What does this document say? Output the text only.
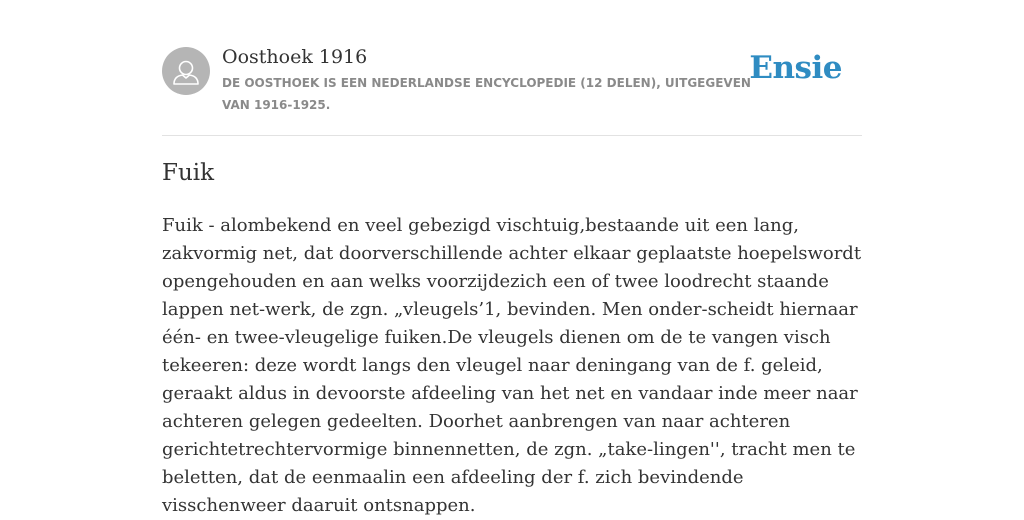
Oosthoek 1916

DE OOSTHOEK IS EEN NEDERLANDSE ENCYCLOPEDIE (12 DELEN), UITGEGEVEN VAN 1916-1925.

Ensie
Fuik

Fuik - alombekend en veel gebezigd vischtuig,bestaande uit een lang, zakvormig net, dat doorverschillende achter elkaar geplaatste hoepelswordt opengehouden en aan welks voorzijdezich een of twee loodrecht staande lappen net-werk, de zgn. „vleugels’1, bevinden. Men onder-scheidt hiernaar één- en twee-vleugelige fuiken.De vleugels dienen om de te vangen visch tekeeren: deze wordt langs den vleugel naar deningang van de f. geleid, geraakt aldus in devoorste afdeeling van het net en vandaar inde meer naar achteren gelegen gedeelten. Doorhet aanbrengen van naar achteren gerichtetrechtervormige binnennetten, de zgn. „take-lingen'', tracht men te beletten, dat de eenmaalin een afdeeling der f. zich bevindende visschenweer daaruit ontsnappen.
